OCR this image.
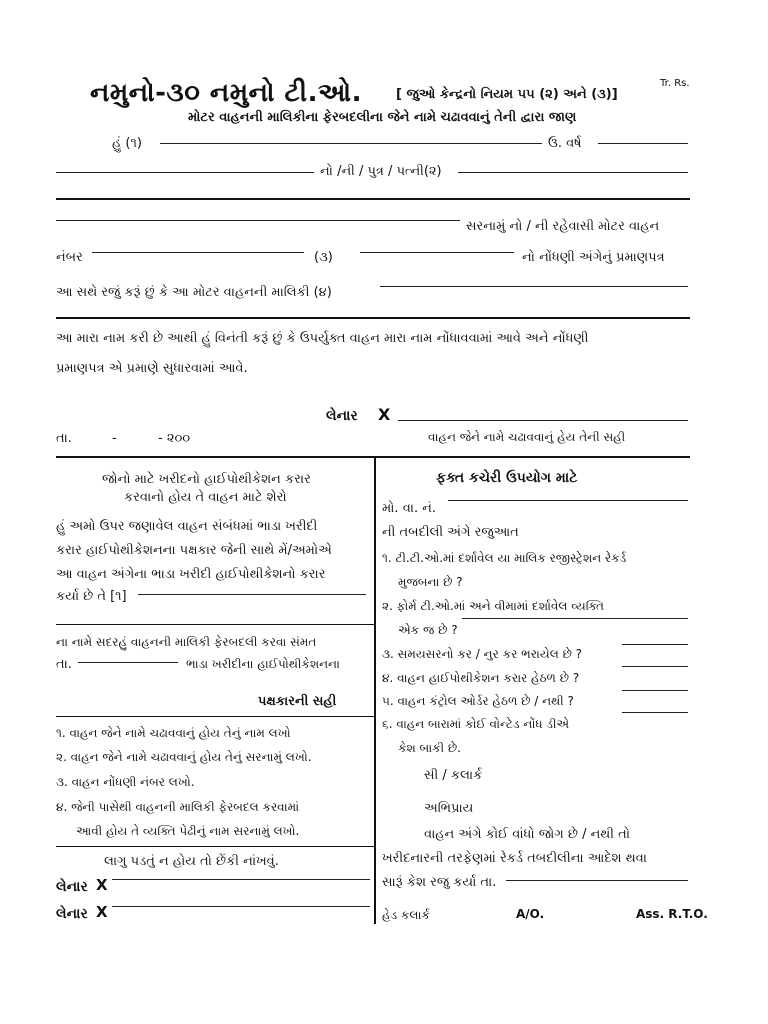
નમુનો-૩૦ નમુનો ટી.ઓ.	[ જુઓ કેન્દ્રનો નિયમ ૫૫ (૨) અને (૩)]
Tr. Rs.
મોટર વાહનની માલિકીના ફેરબદલીના જેને નામે ચઢાવવાનું તેની દ્વારા જાણ
હું (૧)	ઉ. વર્ષ
નો /ની / પુત્ર / પત્ની(૨)
સરનામું નો / ની રહેવાસી મોટર વાહન
નંબર	(૩)	નો નોંધણી અંગેનું પ્રમાણપત્ર
આ સથે રજું કરૂં છું કે આ મોટર વાહનની માલિકી (૪)
આ મારા નામ કરી છે આથી હું વિનંતી કરૂં છું કે ઉપર્યુક્ત વાહન મારા નામ નોંધાવવામાં આવે અને નોંધણી
પ્રમાણપત્ર એ પ્રમાણે સુધારવામાં આવે.
લેનાર X
તા.	-	- ૨૦૦	વાહન જેને નામે ચઢાવવાનું હેય તેની સહી
જોનો માટે ખરીદનો હાઈપોથીકેશન કરાર
કરવાનો હોય તે વાહન માટે શેરો
હું અમો ઉપર જણાવેલ વાહન સંબંધમાં ભાડા ખરીદી
કરાર હાઈપોથીકેશનના પક્ષકાર જેની સાથે મેં/અમોએ
આ વાહન અંગેના ભાડા ખરીદી હાઈપોથીકેશનો કરાર
કર્યા છે તે [૧]
ના નામે સદરહું વાહનની માલિકી ફેરબદલી કરવા સંમત
તા.	ભાડા ખરીદીના હાઈપોથીકેશનના
પક્ષકારની સહી
૧. વાહન જેને નામે ચઢાવવાનું હોય તેનું નામ લખો
૨. વાહન જેને નામે ચઢાવવાનું હોય તેનું સરનામું લખો.
૩. વાહન નોંધણી નંબર લખો.
૪. જેની પાસેથી વાહનની માલિકી ફેરબદલ કરવામાં
આવી હોય તે વ્યક્તિ પેઢીનું નામ સરનામું લખો.
લાગુ પડતું ન હોય તો છેંકી નાંખવું.
લેનાર X
લેનાર X
ફક્ત કચેરી ઉપયોગ માટે
મો. વા. નં.
ની તબદીલી અંગે રજુઆત
૧. ટી.ટી.ઓ.માં દર્શાવેલ યા માલિક રજીસ્ટ્રેશન રેકર્ડ
મુજબના છે ?
૨. ફોર્મ ટી.ઓ.માં અને વીમામાં દર્શાવેલ વ્યક્તિ
એક જ છે ?
૩. સમયસરનો કર / નુર કર ભરાયેલ છે ?
૪. વાહન હાઈપોથીકેશન કરાર હેઠળ છે ?
૫. વાહન કંટ્રોલ ઓર્ડર હેઠળ છે / નથી ?
૬. વાહન બારામાં કોઈ વોન્ટેડ નોંધ ડીએ
કેશ બાકી છે.
સી / કલાર્ક
અભિપ્રાય
વાહન અંગે કોઈ વાંધો જોગ છે / નથી તો
ખરીદનારની તરફેણમાં રેકર્ડ તબદીલીના આદેશ થવા
સારૂં કેશ રજુ કર્યા તા.
હેડ કલાર્ક	A/O.	Ass. R.T.O.
